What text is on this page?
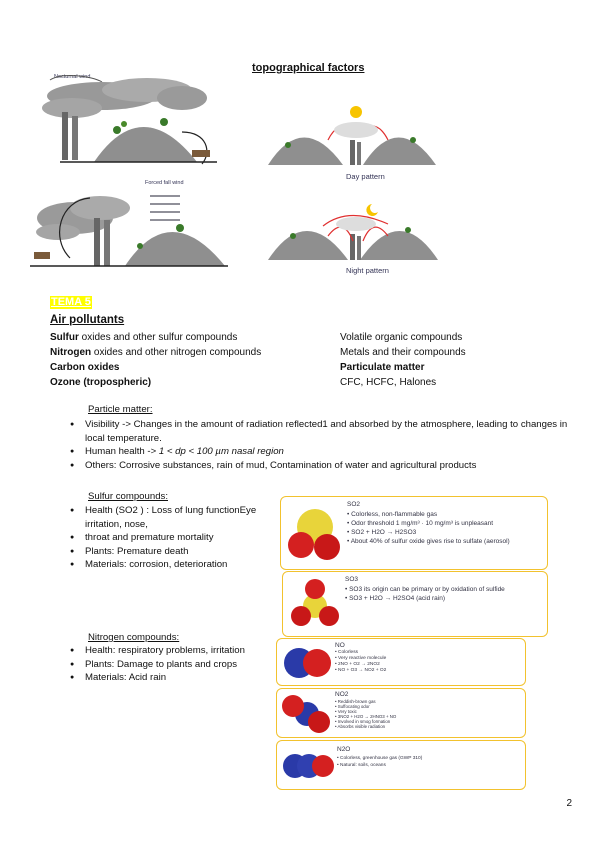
topographical factors
Nocturnal wind
Day pattern
Forced fall wind
Night pattern
TEMA 5
Air pollutants
Sulfur oxides and other sulfur compounds
Nitrogen oxides and other nitrogen compounds
Carbon oxides
Ozone (tropospheric)
Volatile organic compounds
Metals and their compounds
Particulate matter
CFC, HCFC, Halones
Particle matter:
● Visibility -> Changes in the amount of radiation reflected1 and absorbed by the atmosphere, leading to changes in local temperature.
● Human health -> 1 < dp < 100 µm nasal region
● Others: Corrosive substances, rain of mud, Contamination of water and agricultural products
Sulfur compounds:
● Health (SO2 ) : Loss of lung functionEye irritation, nose,
● throat and premature mortality
● Plants: Premature death
● Materials: corrosion, deterioration
Nitrogen compounds:
● Health: respiratory problems, irritation
● Plants: Damage to plants and crops
● Materials: Acid rain
SO2
• Colorless, non-flammable gas
• Odor threshold 1 mg/m³ · 10 mg/m³ is unpleasant
• SO2 + H2O → H2SO3
• About 40% of sulfur oxide gives rise to sulfate (aerosol)
SO3
• SO3 its origin can be primary or by oxidation of sulfide
• SO3 + H2O → H2SO4 (acid rain)
NO
• Colorless
• Very reactive molecule
• 2NO + O2 → 2NO2
• NO + O3 → NO2 + O2
NO2
• Reddish-brown gas
• Suffocating odor
• Very toxic
• 3NO2 + H2O → 2HNO3 + NO
• Involved in smog formation
• Absorbs visible radiation
N2O
• Colorless, greenhouse gas (GWP 310)
• Natural: soils, oceans
2
